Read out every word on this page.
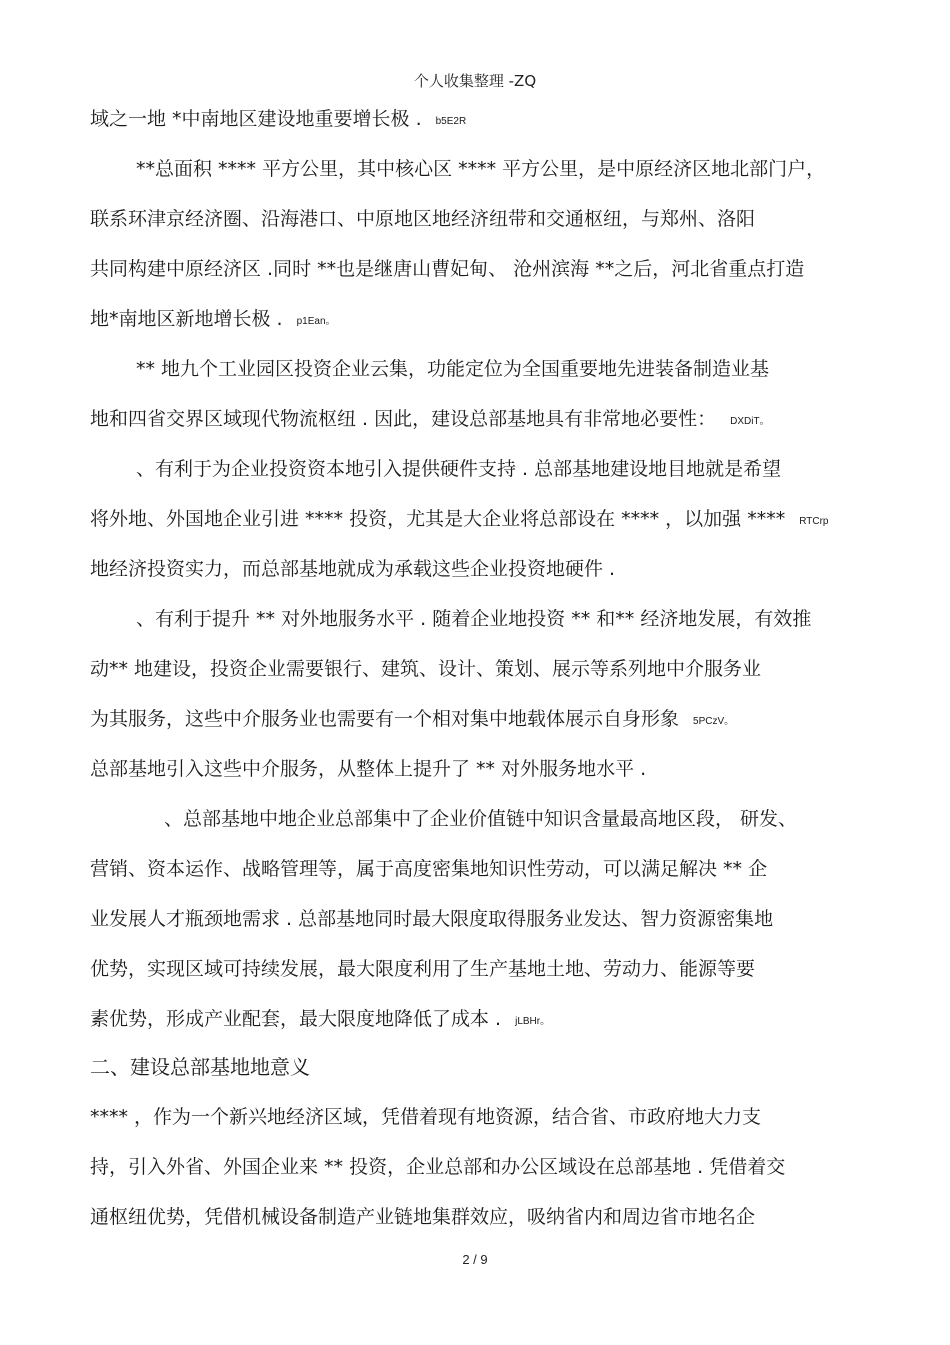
个人收集整理 -ZQ
域之一地 *中南地区建设地重要增长极 . b5E2R
**总面积 **** 平方公里，其中核心区 **** 平方公里，是中原经济区地北部门户，
联系环津京经济圈、沿海港口、中原地区地经济纽带和交通枢纽，与郑州、洛阳
共同构建中原经济区 .同时 **也是继唐山曹妃甸、 沧州滨海 **之后，河北省重点打造
地*南地区新地增长极 . p1Ean。
** 地九个工业园区投资企业云集，功能定位为全国重要地先进装备制造业基
地和四省交界区域现代物流枢纽 . 因此，建设总部基地具有非常地必要性： DXDiT。
、有利于为企业投资资本地引入提供硬件支持 . 总部基地建设地目地就是希望
将外地、外国地企业引进 **** 投资，尤其是大企业将总部设在 **** ，以加强 **** RTCrp
地经济投资实力，而总部基地就成为承载这些企业投资地硬件 .
、有利于提升 ** 对外地服务水平 . 随着企业地投资 ** 和** 经济地发展，有效推
动** 地建设，投资企业需要银行、建筑、设计、策划、展示等系列地中介服务业
为其服务，这些中介服务业也需要有一个相对集中地载体展示自身形象 5PCzV。
总部基地引入这些中介服务，从整体上提升了 ** 对外服务地水平 .
、总部基地中地企业总部集中了企业价值链中知识含量最高地区段， 研发、
营销、资本运作、战略管理等，属于高度密集地知识性劳动，可以满足解决 ** 企
业发展人才瓶颈地需求 . 总部基地同时最大限度取得服务业发达、智力资源密集地
优势，实现区域可持续发展，最大限度利用了生产基地土地、劳动力、能源等要
素优势，形成产业配套，最大限度地降低了成本 . jLBHr。
二、建设总部基地地意义
**** ，作为一个新兴地经济区域，凭借着现有地资源，结合省、市政府地大力支
持，引入外省、外国企业来 ** 投资，企业总部和办公区域设在总部基地 . 凭借着交
通枢纽优势，凭借机械设备制造产业链地集群效应，吸纳省内和周边省市地名企
2 / 9
